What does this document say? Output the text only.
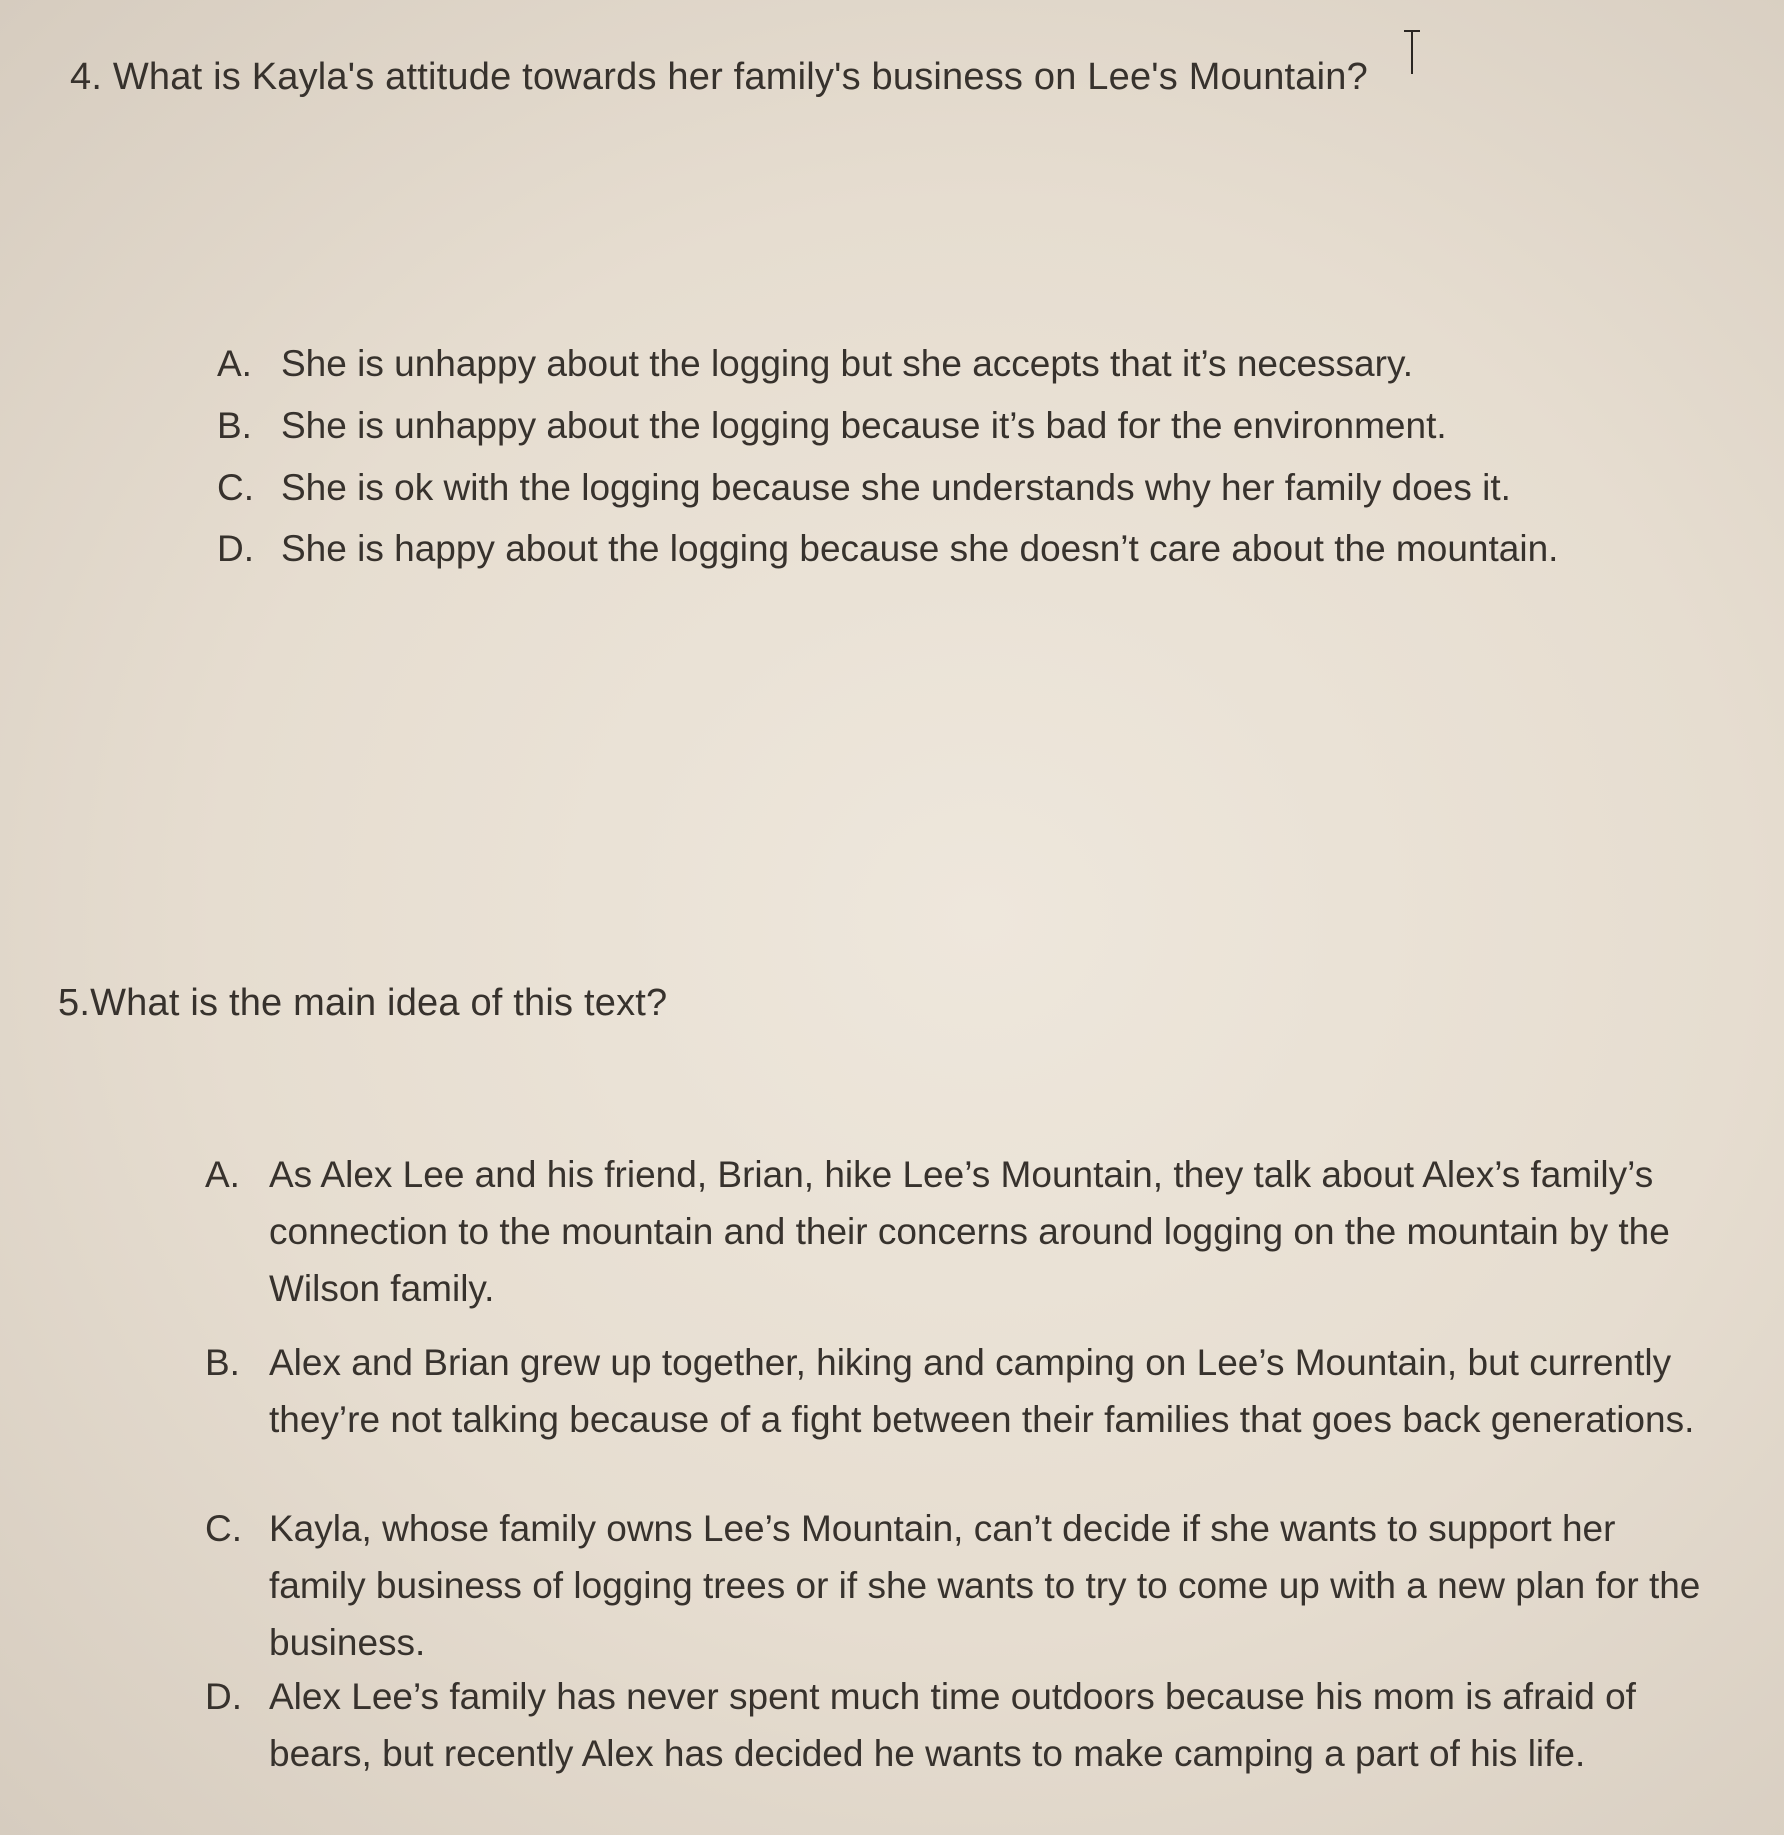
4. What is Kayla's attitude towards her family's business on Lee's Mountain?
A. She is unhappy about the logging but she accepts that it’s necessary.
B. She is unhappy about the logging because it’s bad for the environment.
C. She is ok with the logging because she understands why her family does it.
D. She is happy about the logging because she doesn’t care about the mountain.
5.What is the main idea of this text?
A. As Alex Lee and his friend, Brian, hike Lee’s Mountain, they talk about Alex’s family’s connection to the mountain and their concerns around logging on the mountain by the Wilson family.
B. Alex and Brian grew up together, hiking and camping on Lee’s Mountain, but currently they’re not talking because of a fight between their families that goes back generations.
C. Kayla, whose family owns Lee’s Mountain, can’t decide if she wants to support her family business of logging trees or if she wants to try to come up with a new plan for the business.
D. Alex Lee’s family has never spent much time outdoors because his mom is afraid of bears, but recently Alex has decided he wants to make camping a part of his life.
